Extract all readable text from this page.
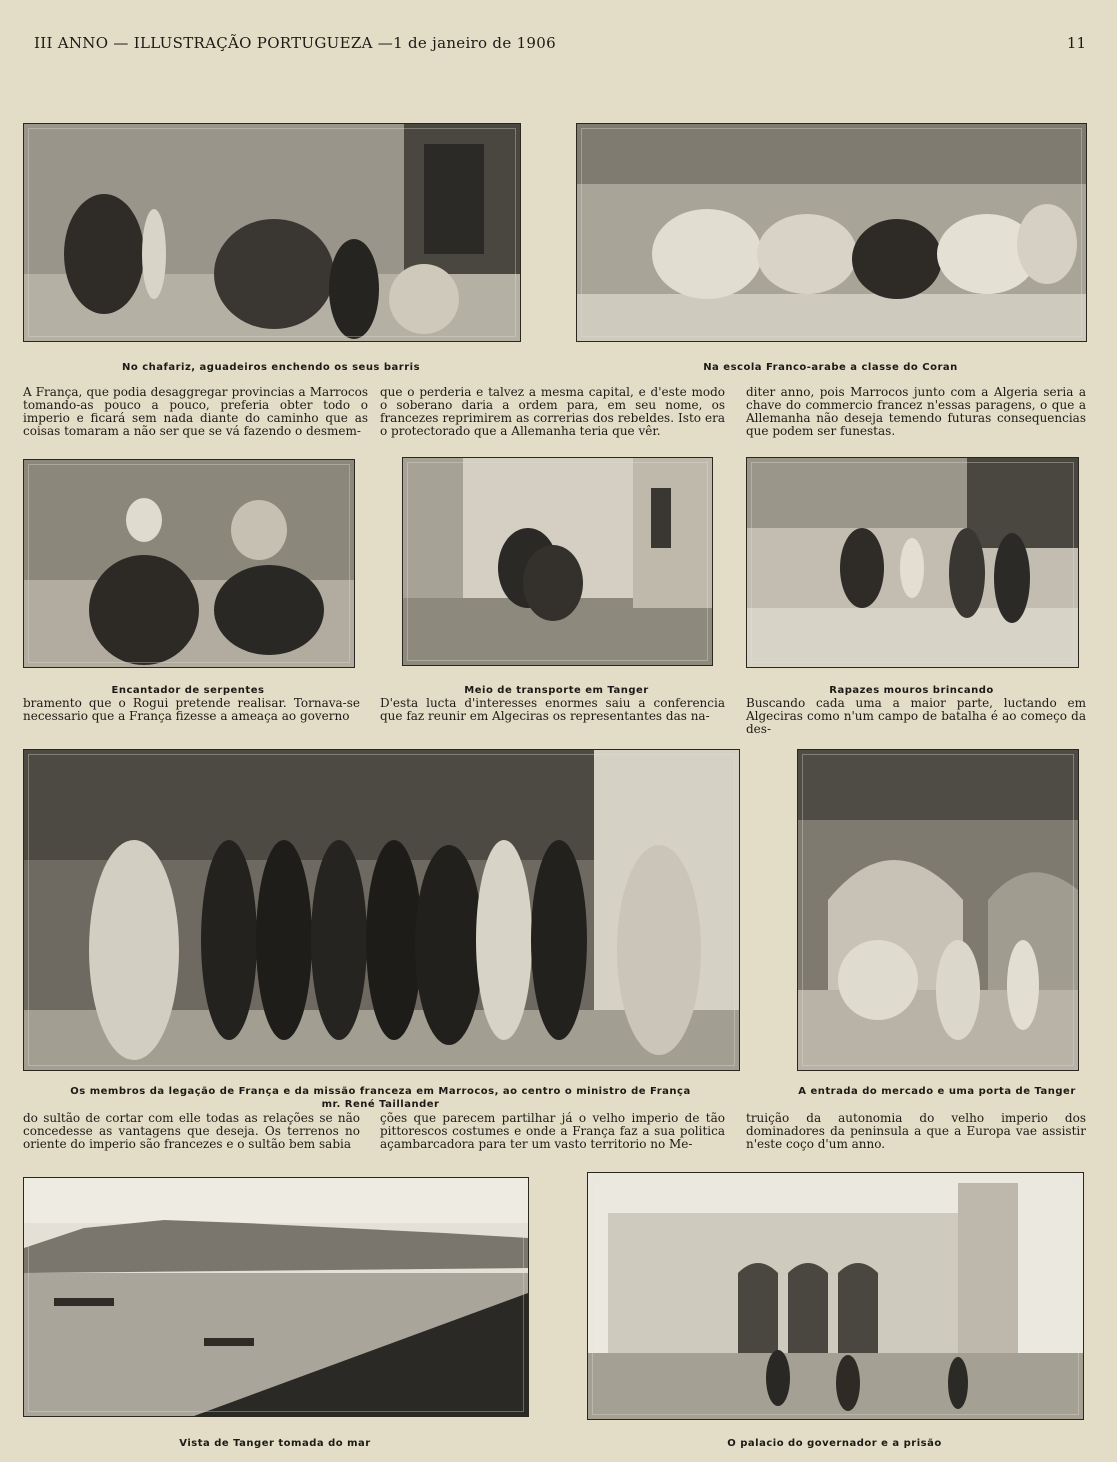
III ANNO — ILLUSTRAÇÃO PORTUGUEZA —1 de janeiro de 1906	11
No chafariz, aguadeiros enchendo os seus barris	Na escola Franco-arabe a classe do Coran

A França, que podia desaggregar provincias a Marrocos tomando-as pouco a pouco, preferia obter todo o imperio e ficará sem nada diante do caminho que as coisas tomaram a não ser que se vá fazendo o desmem-

que o perderia e talvez a mesma capital, e d'este modo o soberano daria a ordem para, em seu nome, os francezes reprimirem as correrias dos rebeldes. Isto era o protectorado que a Allemanha teria que vêr.

diter anno, pois Marrocos junto com a Algeria seria a chave do commercio francez n'essas paragens, o que a Allemanha não deseja temendo futuras consequencias que podem ser funestas.

Encantador de serpentes	Meio de transporte em Tanger	Rapazes mouros brincando

bramento que o Rogui pretende realisar. Tornava-se necessario que a França fizesse a ameaça ao governo

D'esta lucta d'interesses enormes saiu a conferencia que faz reunir em Algeciras os representantes das na-

Buscando cada uma a maior parte, luctando em Algeciras como n'um campo de batalha é ao começo da des-

Os membros da legação de França e da missão franceza em Marrocos, ao centro o ministro de França
mr. René Taillander
A entrada do mercado e uma porta de Tanger

do sultão de cortar com elle todas as relações se não concedesse as vantagens que deseja. Os terrenos no oriente do imperio são francezes e o sultão bem sabia

ções que parecem partilhar já o velho imperio de tão pittorescos costumes e onde a França faz a sua politica açambarcadora para ter um vasto territorio no Me-

truição da autonomia do velho imperio dos dominadores da peninsula a que a Europa vae assistir n'este coço d'um anno.

Vista de Tanger tomada do mar	O palacio do governador e a prisão
